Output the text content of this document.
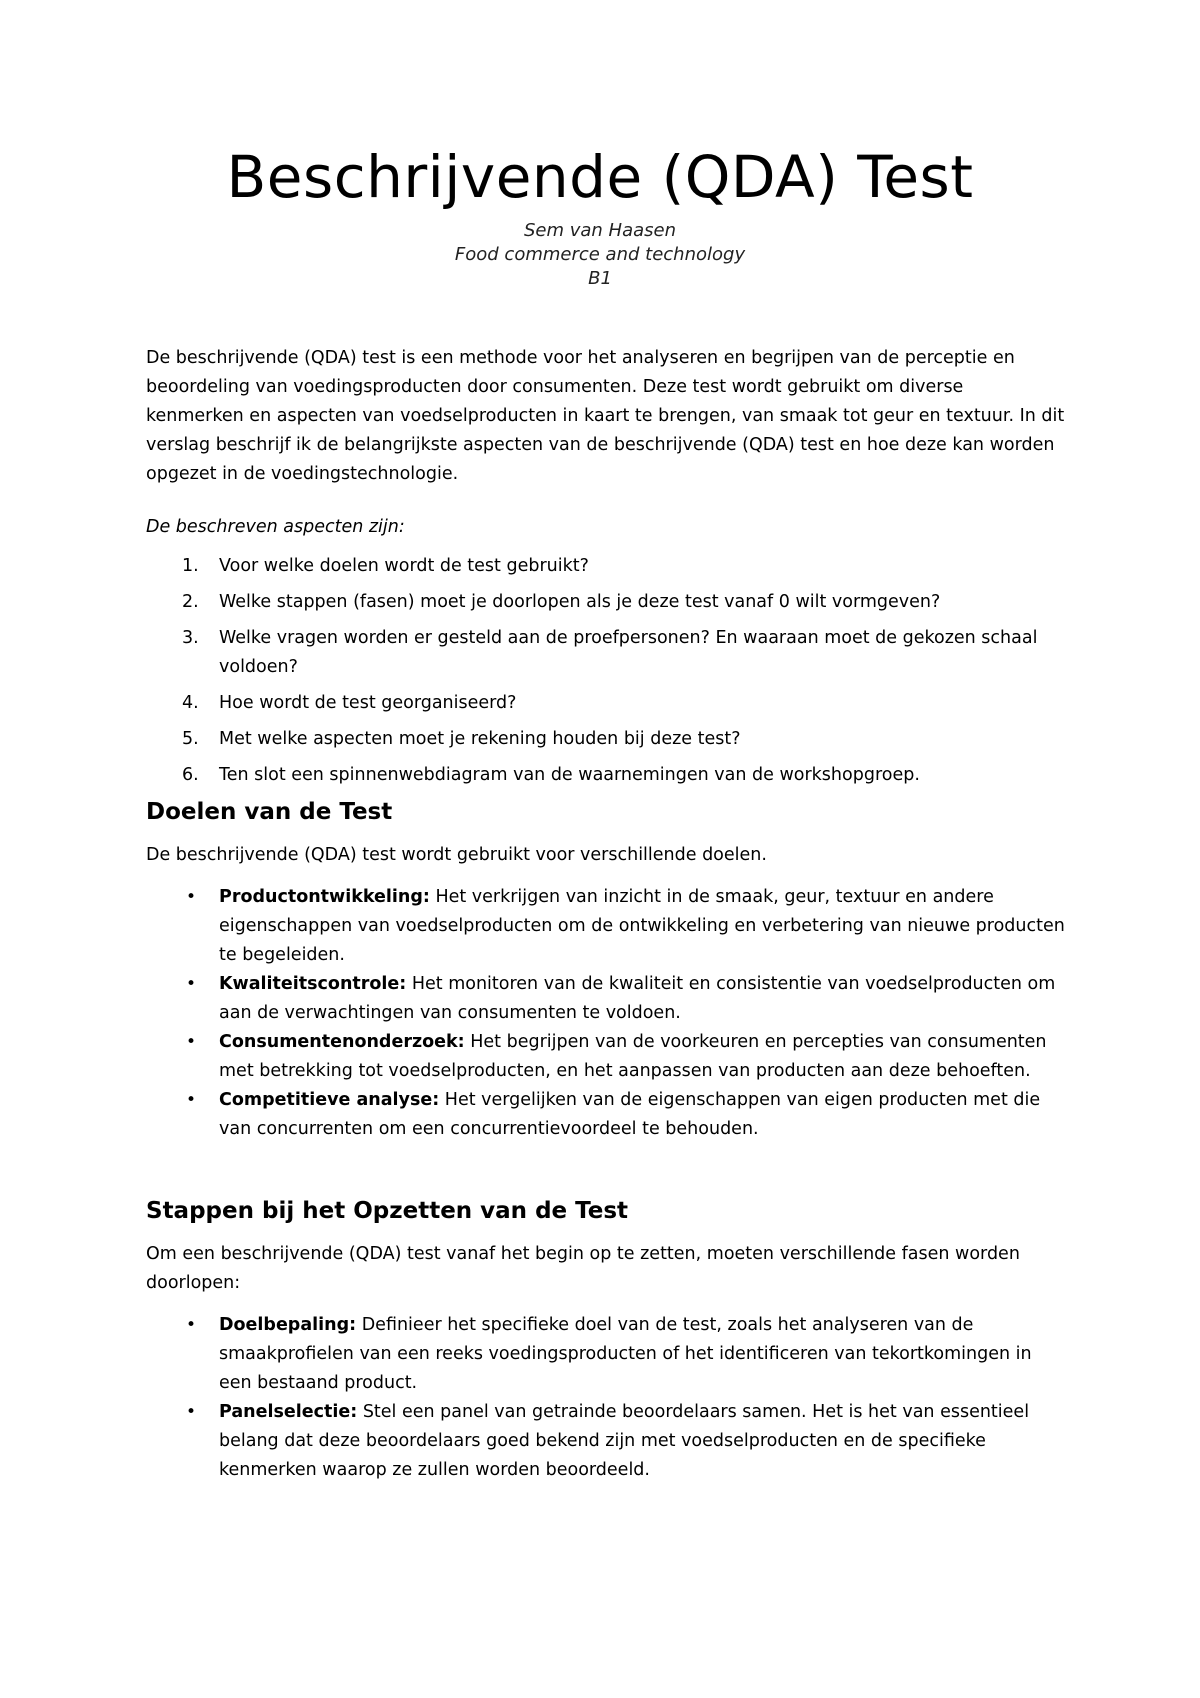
Beschrijvende (QDA) Test
Sem van Haasen
Food commerce and technology
B1

De beschrijvende (QDA) test is een methode voor het analyseren en begrijpen van de perceptie en beoordeling van voedingsproducten door consumenten. Deze test wordt gebruikt om diverse kenmerken en aspecten van voedselproducten in kaart te brengen, van smaak tot geur en textuur. In dit verslag beschrijf ik de belangrijkste aspecten van de beschrijvende (QDA) test en hoe deze kan worden opgezet in de voedingstechnologie.

De beschreven aspecten zijn:

1. Voor welke doelen wordt de test gebruikt?
2. Welke stappen (fasen) moet je doorlopen als je deze test vanaf 0 wilt vormgeven?
3. Welke vragen worden er gesteld aan de proefpersonen? En waaraan moet de gekozen schaal voldoen?
4. Hoe wordt de test georganiseerd?
5. Met welke aspecten moet je rekening houden bij deze test?
6. Ten slot een spinnenwebdiagram van de waarnemingen van de workshopgroep.
Doelen van de Test

De beschrijvende (QDA) test wordt gebruikt voor verschillende doelen.

• Productontwikkeling: Het verkrijgen van inzicht in de smaak, geur, textuur en andere eigenschappen van voedselproducten om de ontwikkeling en verbetering van nieuwe producten te begeleiden.
• Kwaliteitscontrole: Het monitoren van de kwaliteit en consistentie van voedselproducten om aan de verwachtingen van consumenten te voldoen.
• Consumentenonderzoek: Het begrijpen van de voorkeuren en percepties van consumenten met betrekking tot voedselproducten, en het aanpassen van producten aan deze behoeften.
• Competitieve analyse: Het vergelijken van de eigenschappen van eigen producten met die van concurrenten om een concurrentievoordeel te behouden.
Stappen bij het Opzetten van de Test

Om een beschrijvende (QDA) test vanaf het begin op te zetten, moeten verschillende fasen worden doorlopen:

• Doelbepaling: Definieer het specifieke doel van de test, zoals het analyseren van de smaakprofielen van een reeks voedingsproducten of het identificeren van tekortkomingen in een bestaand product.
• Panelselectie: Stel een panel van getrainde beoordelaars samen. Het is het van essentieel belang dat deze beoordelaars goed bekend zijn met voedselproducten en de specifieke kenmerken waarop ze zullen worden beoordeeld.
